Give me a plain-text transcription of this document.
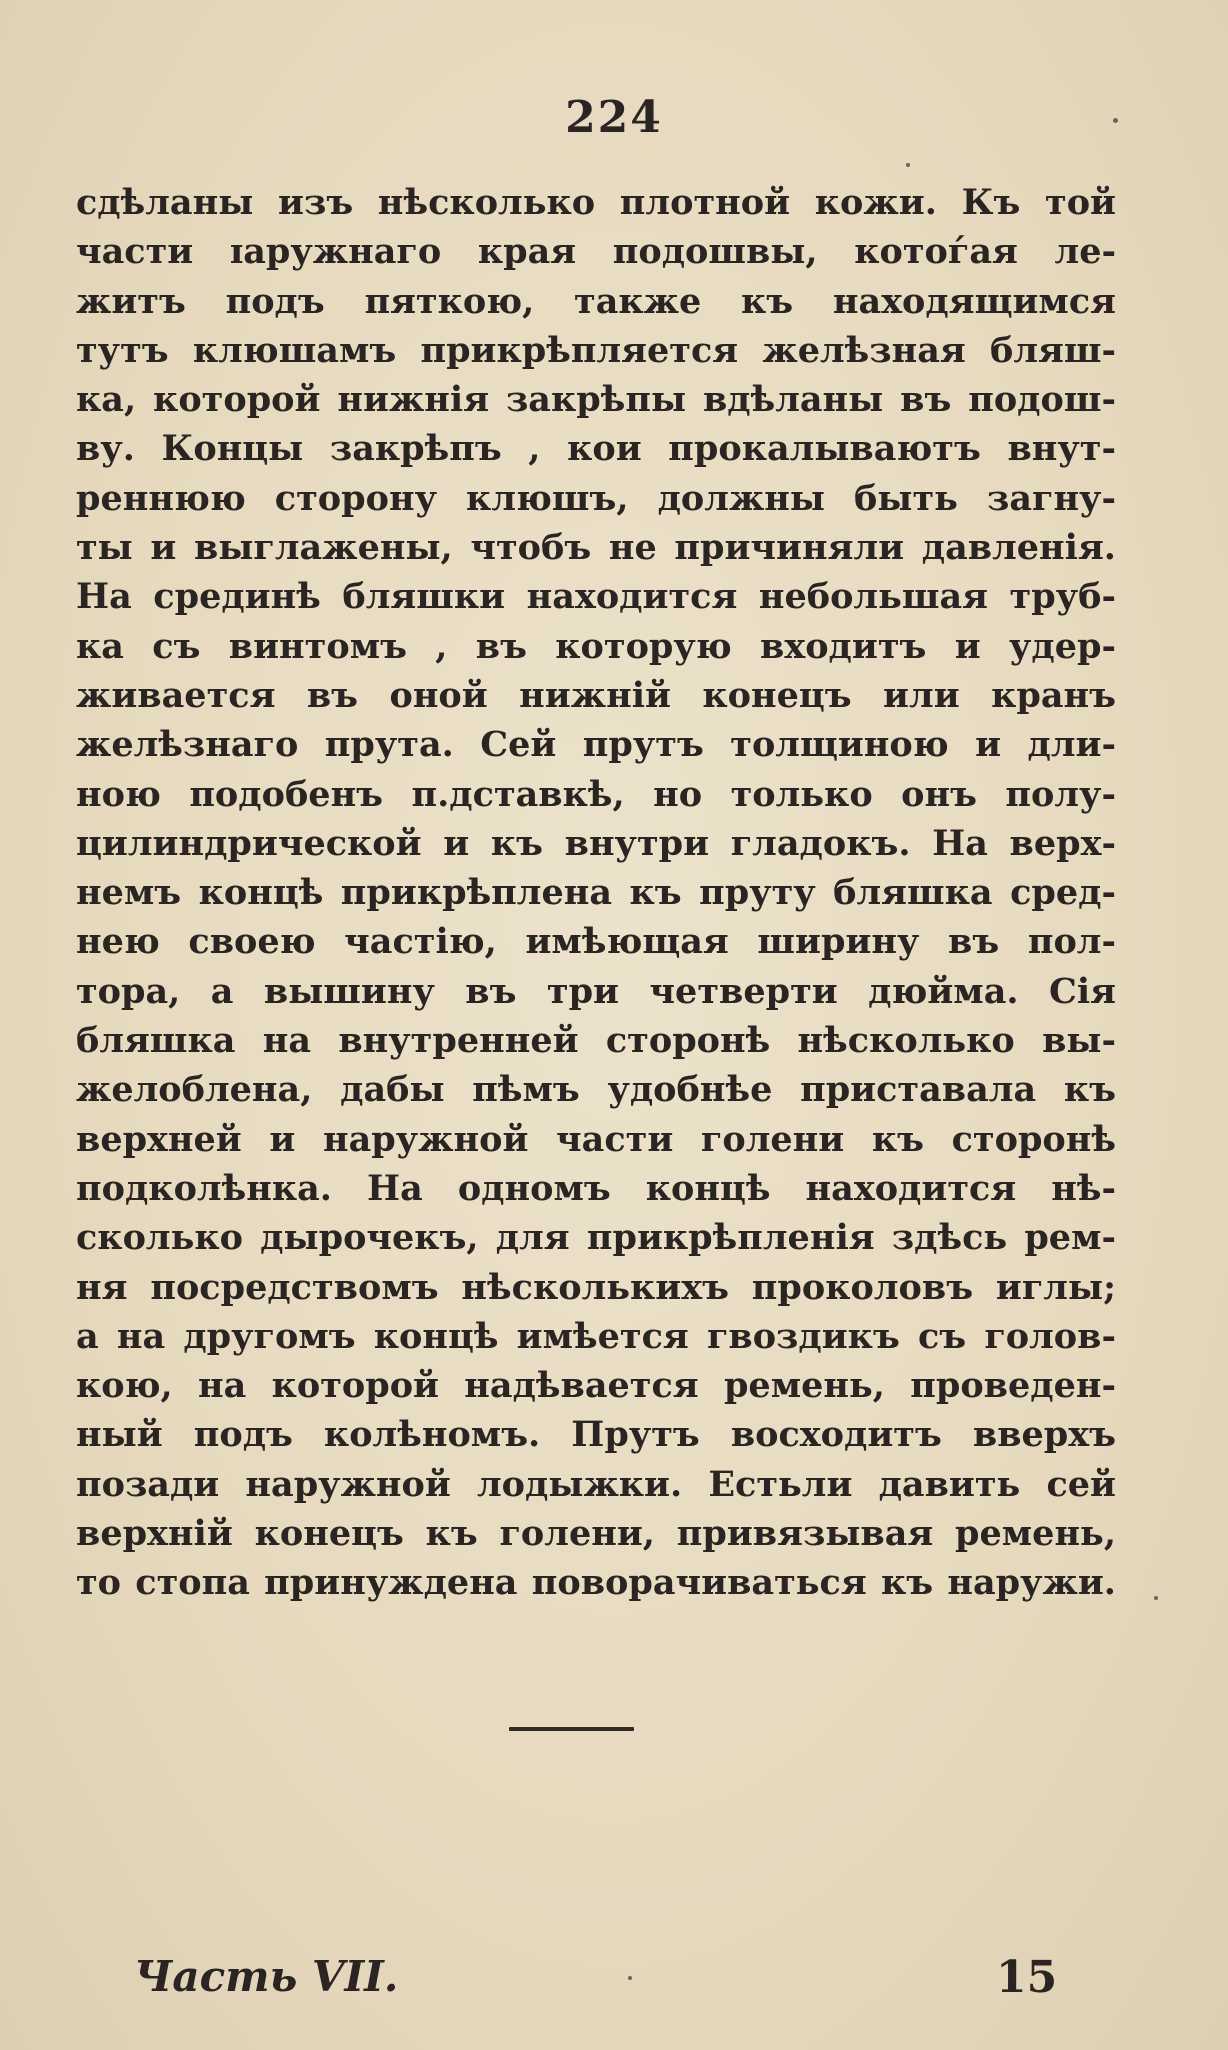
224
сдѣланы изъ нѣсколько плотной кожи. Къ той
части ɪаружнаго края подошвы, котоѓая ле-
житъ подъ пяткою, также къ находящимся
тутъ клюшамъ прикрѣпляется желѣзная бляш-
ка, которой нижнія закрѣпы вдѣланы въ подош-
ву. Концы закрѣпъ , кои прокалываютъ внут-
реннюю сторону клюшъ, должны быть загну-
ты и выглажены, чтобъ не причиняли давленія.
На срединѣ бляшки находится небольшая труб-
ка съ винтомъ , въ которую входитъ и удер-
живается въ оной нижній конецъ или кранъ
желѣзнаго прута. Сей прутъ толщиною и дли-
ною подобенъ п.дставкѣ, но только онъ полу-
цилиндрической и къ внутри гладокъ. На верх-
немъ концѣ прикрѣплена къ пруту бляшка сред-
нею своею частію, имѣющая ширину въ пол-
тора, а вышину въ три четверти дюйма. Сія
бляшка на внутренней сторонѣ нѣсколько вы-
желоблена, дабы пѣмъ удобнѣе приставала къ
верхней и наружной части голени къ сторонѣ
подколѣнка. На одномъ концѣ находится нѣ-
сколько дырочекъ, для прикрѣпленія здѣсь рем-
ня посредствомъ нѣсколькихъ проколовъ иглы;
а на другомъ концѣ имѣется гвоздикъ съ голов-
кою, на которой надѣвается ремень, проведен-
ный подъ колѣномъ. Прутъ восходитъ вверхъ
позади наружной лодыжки. Естьли давить сей
верхній конецъ къ голени, привязывая ремень,
то стопа принуждена поворачиваться къ наружи.
Часть VII.	15
